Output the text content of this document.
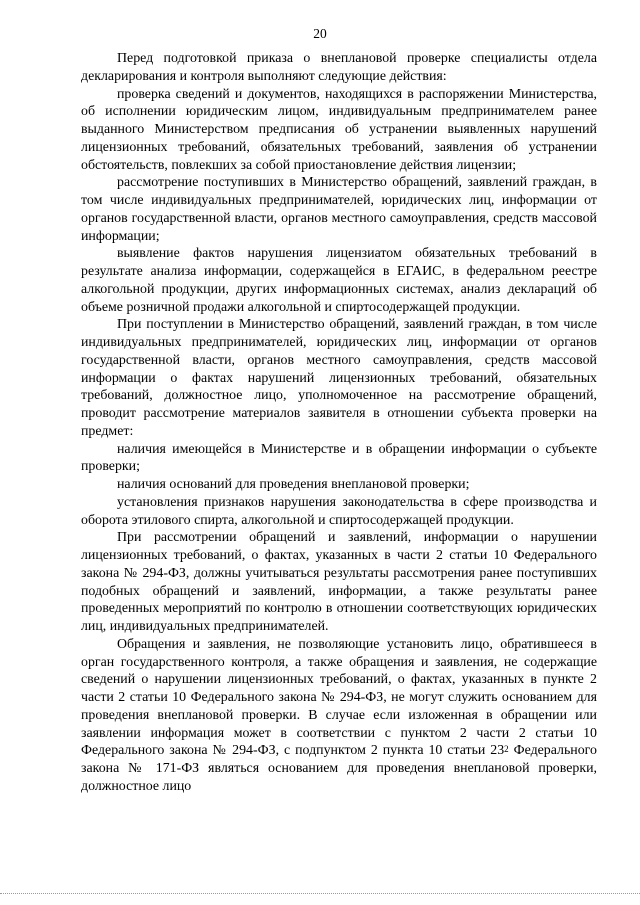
20

Перед подготовкой приказа о внеплановой проверке специалисты отдела декларирования и контроля выполняют следующие действия:

проверка сведений и документов, находящихся в распоряжении Министерства, об исполнении юридическим лицом, индивидуальным предпринимателем ранее выданного Министерством предписания об устранении выявленных нарушений лицензионных требований, обязательных требований, заявления об устранении обстоятельств, повлекших за собой приостановление действия лицензии;

рассмотрение поступивших в Министерство обращений, заявлений граждан, в том числе индивидуальных предпринимателей, юридических лиц, информации от органов государственной власти, органов местного самоуправления, средств массовой информации;

выявление фактов нарушения лицензиатом обязательных требований в результате анализа информации, содержащейся в ЕГАИС, в федеральном реестре алкогольной продукции, других информационных системах, анализ деклараций об объеме розничной продажи алкогольной и спиртосодержащей продукции.

При поступлении в Министерство обращений, заявлений граждан, в том числе индивидуальных предпринимателей, юридических лиц, информации от органов государственной власти, органов местного самоуправления, средств массовой информации о фактах нарушений лицензионных требований, обязательных требований, должностное лицо, уполномоченное на рассмотрение обращений, проводит рассмотрение материалов заявителя в отношении субъекта проверки на предмет:

наличия имеющейся в Министерстве и в обращении информации о субъекте проверки;

наличия оснований для проведения внеплановой проверки;

установления признаков нарушения законодательства в сфере производства и оборота этилового спирта, алкогольной и спиртосодержащей продукции.

При рассмотрении обращений и заявлений, информации о нарушении лицензионных требований, о фактах, указанных в части 2 статьи 10 Федерального закона № 294-ФЗ, должны учитываться результаты рассмотрения ранее поступивших подобных обращений и заявлений, информации, а также результаты ранее проведенных мероприятий по контролю в отношении соответствующих юридических лиц, индивидуальных предпринимателей.

Обращения и заявления, не позволяющие установить лицо, обратившееся в орган государственного контроля, а также обращения и заявления, не содержащие сведений о нарушении лицензионных требований, о фактах, указанных в пункте 2 части 2 статьи 10 Федерального закона № 294-ФЗ, не могут служить основанием для проведения внеплановой проверки. В случае если изложенная в обращении или заявлении информация может в соответствии с пунктом 2 части 2 статьи 10 Федерального закона № 294-ФЗ, с подпунктом 2 пункта 10 статьи $23^2$ Федерального закона № 171-ФЗ являться основанием для проведения внеплановой проверки, должностное лицо
